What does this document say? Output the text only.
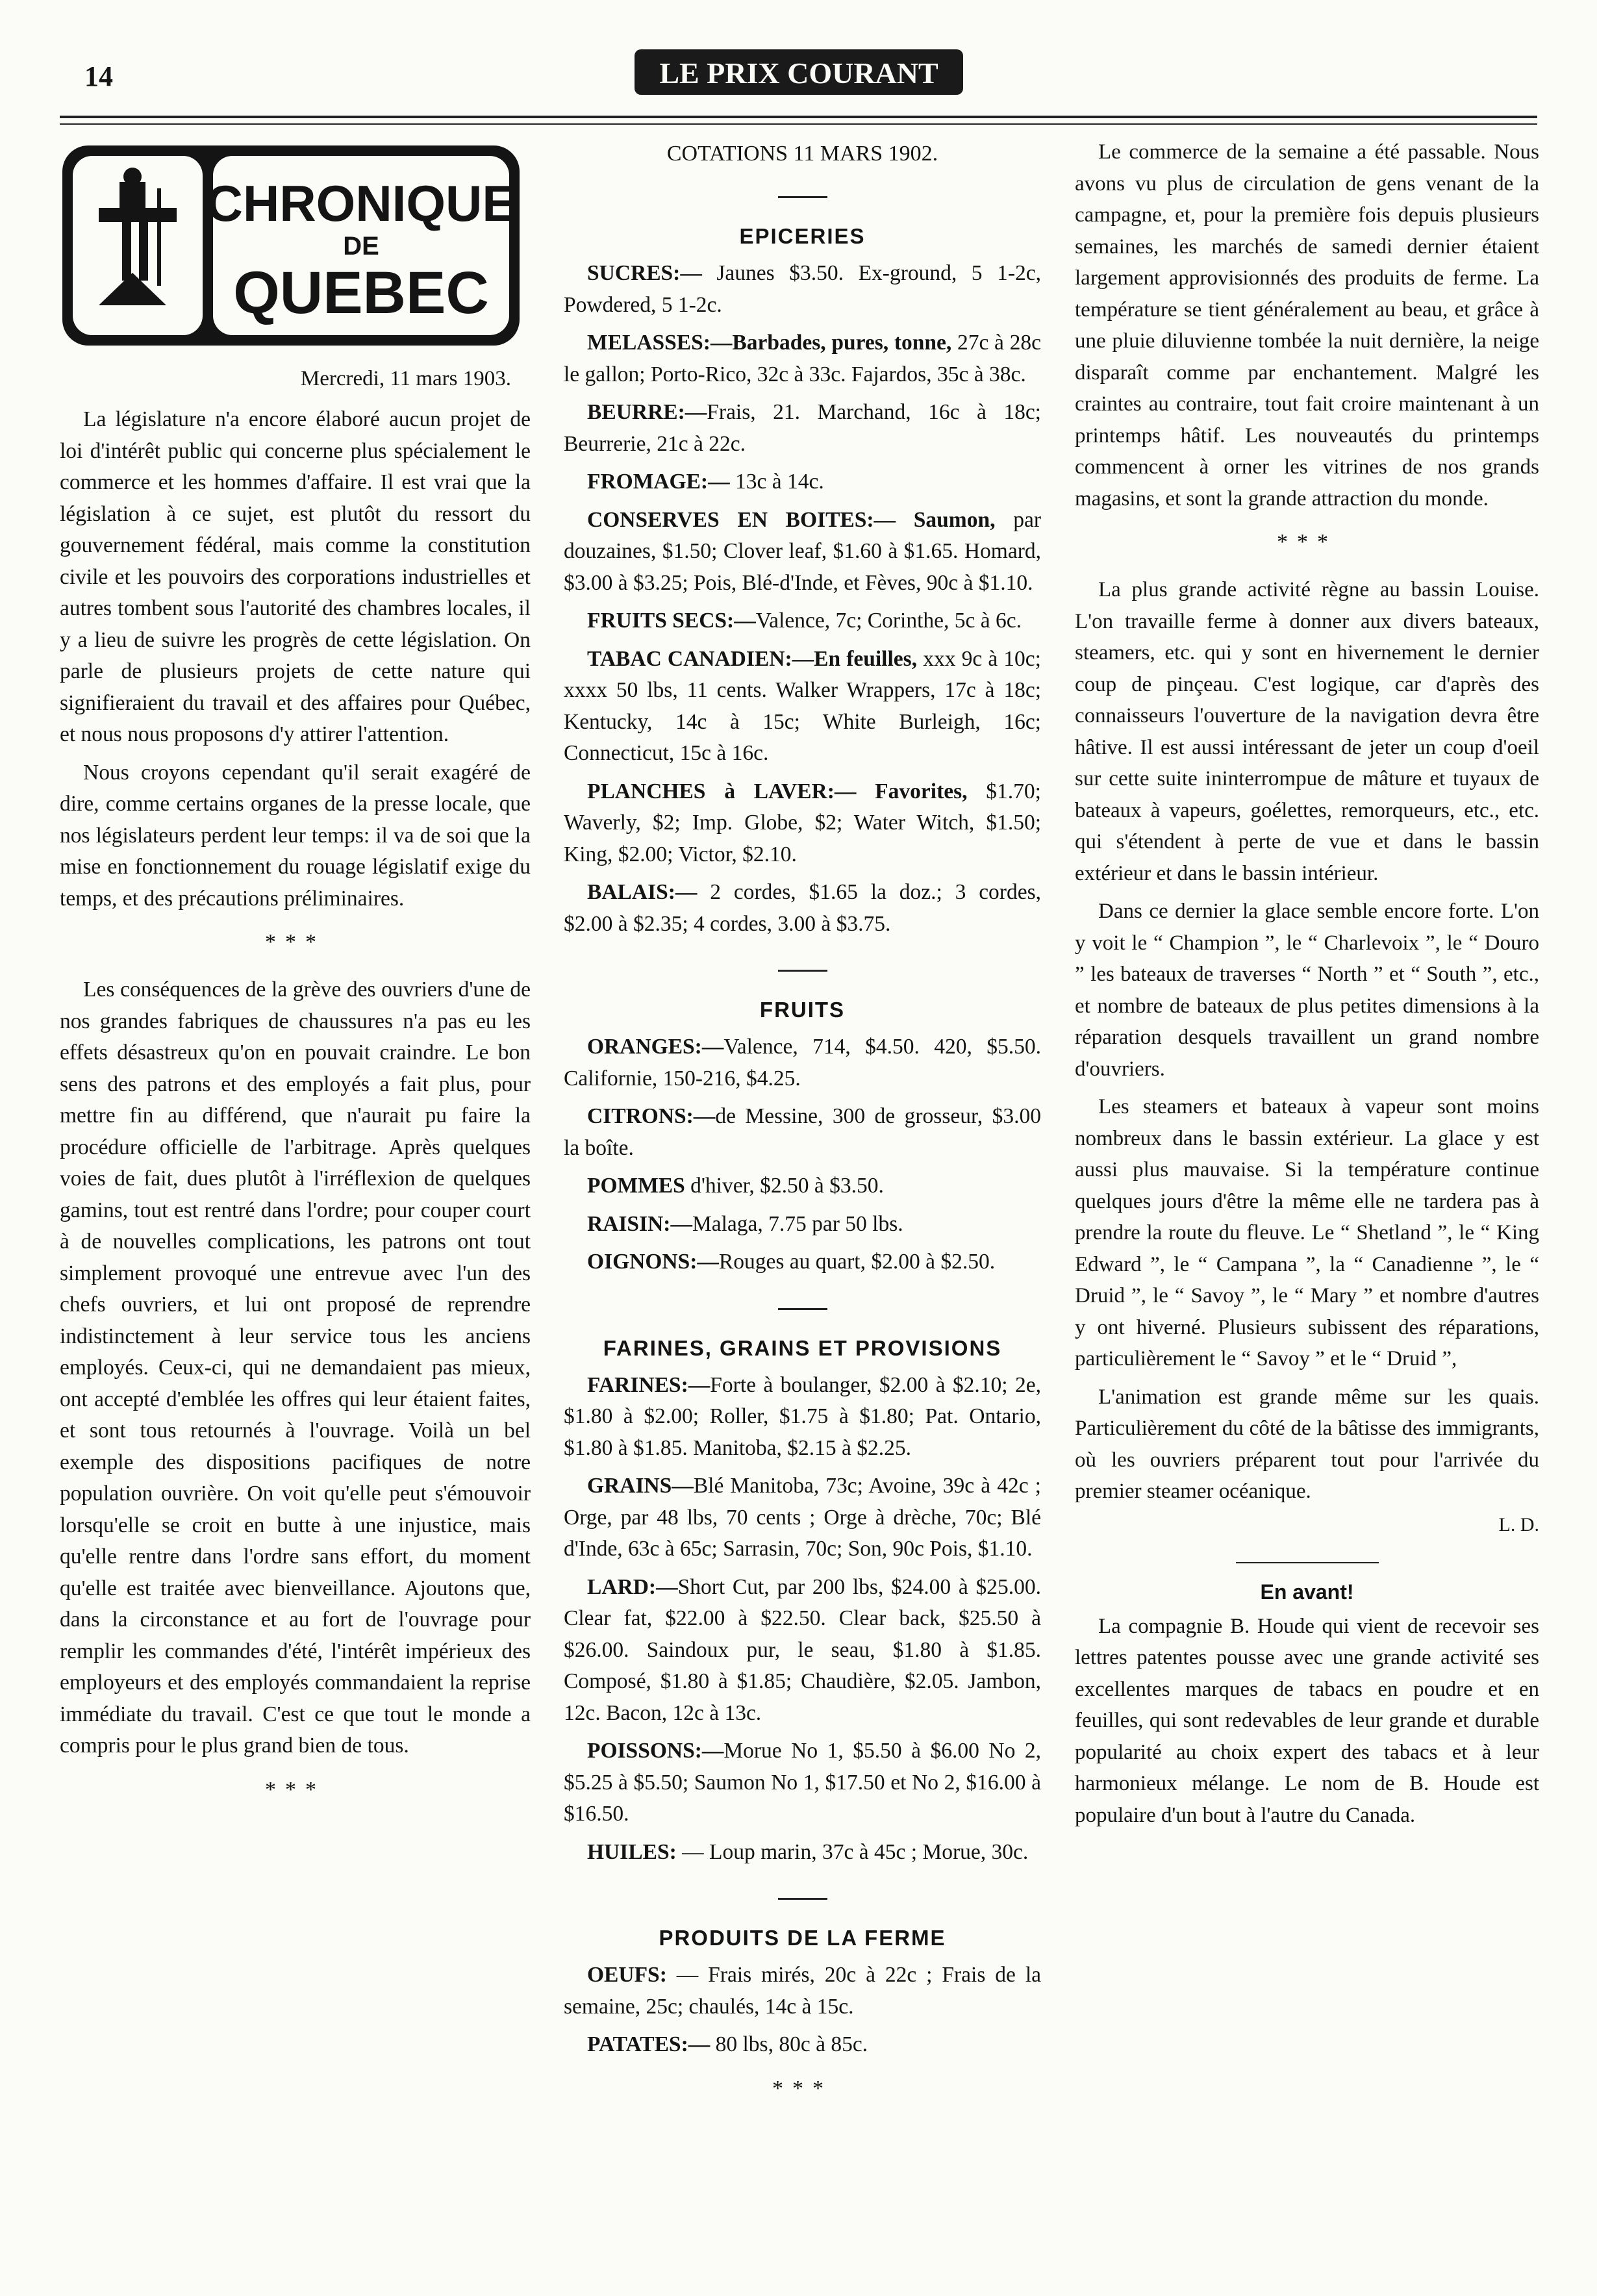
14	LE PRIX COURANT
CHRONIQUE
DE
QUEBEC
Mercredi, 11 mars 1903.

La législature n'a encore élaboré aucun projet de loi d'intérêt public qui concerne plus spécialement le commerce et les hommes d'affaire. Il est vrai que la législation à ce sujet, est plutôt du ressort du gouvernement fédéral, mais comme la constitution civile et les pouvoirs des corporations industrielles et autres tombent sous l'autorité des chambres locales, il y a lieu de suivre les progrès de cette législation. On parle de plusieurs projets de cette nature qui signifieraient du travail et des affaires pour Québec, et nous nous proposons d'y attirer l'attention.

Nous croyons cependant qu'il serait exagéré de dire, comme certains organes de la presse locale, que nos législateurs perdent leur temps: il va de soi que la mise en fonctionnement du rouage législatif exige du temps, et des précautions préliminaires.

***

Les conséquences de la grève des ouvriers d'une de nos grandes fabriques de chaussures n'a pas eu les effets désastreux qu'on en pouvait craindre. Le bon sens des patrons et des employés a fait plus, pour mettre fin au différend, que n'aurait pu faire la procédure officielle de l'arbitrage. Après quelques voies de fait, dues plutôt à l'irréflexion de quelques gamins, tout est rentré dans l'ordre; pour couper court à de nouvelles complications, les patrons ont tout simplement provoqué une entrevue avec l'un des chefs ouvriers, et lui ont proposé de reprendre indistinctement à leur service tous les anciens employés. Ceux-ci, qui ne demandaient pas mieux, ont accepté d'emblée les offres qui leur étaient faites, et sont tous retournés à l'ouvrage. Voilà un bel exemple des dispositions pacifiques de notre population ouvrière. On voit qu'elle peut s'émouvoir lorsqu'elle se croit en butte à une injustice, mais qu'elle rentre dans l'ordre sans effort, du moment qu'elle est traitée avec bienveillance. Ajoutons que, dans la circonstance et au fort de l'ouvrage pour remplir les commandes d'été, l'intérêt impérieux des employeurs et des employés commandaient la reprise immédiate du travail. C'est ce que tout le monde a compris pour le plus grand bien de tous.

***
COTATIONS 11 MARS 1902.
EPICERIES

SUCRES:— Jaunes $3.50. Ex-ground, 5 1-2c, Powdered, 5 1-2c.

MELASSES:—Barbades, pures, tonne, 27c à 28c le gallon; Porto-Rico, 32c à 33c. Fajardos, 35c à 38c.

BEURRE:—Frais, 21. Marchand, 16c à 18c; Beurrerie, 21c à 22c.

FROMAGE:— 13c à 14c.

CONSERVES EN BOITES:— Saumon, par douzaines, $1.50; Clover leaf, $1.60 à $1.65. Homard, $3.00 à $3.25; Pois, Blé-d'Inde, et Fèves, 90c à $1.10.

FRUITS SECS:—Valence, 7c; Corinthe, 5c à 6c.

TABAC CANADIEN:—En feuilles, xxx 9c à 10c; xxxx 50 lbs, 11 cents. Walker Wrappers, 17c à 18c; Kentucky, 14c à 15c; White Burleigh, 16c; Connecticut, 15c à 16c.

PLANCHES à LAVER:— Favorites, $1.70; Waverly, $2; Imp. Globe, $2; Water Witch, $1.50; King, $2.00; Victor, $2.10.

BALAIS:— 2 cordes, $1.65 la doz.; 3 cordes, $2.00 à $2.35; 4 cordes, 3.00 à $3.75.

FRUITS

ORANGES:—Valence, 714, $4.50. 420, $5.50. Californie, 150-216, $4.25.

CITRONS:—de Messine, 300 de grosseur, $3.00 la boîte.

POMMES d'hiver, $2.50 à $3.50.

RAISIN:—Malaga, 7.75 par 50 lbs.

OIGNONS:—Rouges au quart, $2.00 à $2.50.

FARINES, GRAINS ET PROVISIONS

FARINES:—Forte à boulanger, $2.00 à $2.10; 2e, $1.80 à $2.00; Roller, $1.75 à $1.80; Pat. Ontario, $1.80 à $1.85. Manitoba, $2.15 à $2.25.

GRAINS—Blé Manitoba, 73c; Avoine, 39c à 42c ; Orge, par 48 lbs, 70 cents ; Orge à drèche, 70c; Blé d'Inde, 63c à 65c; Sarrasin, 70c; Son, 90c Pois, $1.10.

LARD:—Short Cut, par 200 lbs, $24.00 à $25.00. Clear fat, $22.00 à $22.50. Clear back, $25.50 à $26.00. Saindoux pur, le seau, $1.80 à $1.85. Composé, $1.80 à $1.85; Chaudière, $2.05. Jambon, 12c. Bacon, 12c à 13c.

POISSONS:—Morue No 1, $5.50 à $6.00 No 2, $5.25 à $5.50; Saumon No 1, $17.50 et No 2, $16.00 à $16.50.

HUILES: — Loup marin, 37c à 45c ; Morue, 30c.

PRODUITS DE LA FERME

OEUFS: — Frais mirés, 20c à 22c ; Frais de la semaine, 25c; chaulés, 14c à 15c.

PATATES:— 80 lbs, 80c à 85c.

***

Le commerce de la semaine a été passable. Nous avons vu plus de circulation de gens venant de la campagne, et, pour la première fois depuis plusieurs semaines, les marchés de samedi dernier étaient largement approvisionnés des produits de ferme. La température se tient généralement au beau, et grâce à une pluie diluvienne tombée la nuit dernière, la neige disparaît comme par enchantement. Malgré les craintes au contraire, tout fait croire maintenant à un printemps hâtif. Les nouveautés du printemps commencent à orner les vitrines de nos grands magasins, et sont la grande attraction du monde.

***

La plus grande activité règne au bassin Louise. L'on travaille ferme à donner aux divers bateaux, steamers, etc. qui y sont en hivernement le dernier coup de pinçeau. C'est logique, car d'après des connaisseurs l'ouverture de la navigation devra être hâtive. Il est aussi intéressant de jeter un coup d'oeil sur cette suite ininterrompue de mâture et tuyaux de bateaux à vapeurs, goélettes, remorqueurs, etc., etc. qui s'étendent à perte de vue et dans le bassin extérieur et dans le bassin intérieur.

Dans ce dernier la glace semble encore forte. L'on y voit le “ Champion ”, le “ Charlevoix ”, le “ Douro ” les bateaux de traverses “ North ” et “ South ”, etc., et nombre de bateaux de plus petites dimensions à la réparation desquels travaillent un grand nombre d'ouvriers.

Les steamers et bateaux à vapeur sont moins nombreux dans le bassin extérieur. La glace y est aussi plus mauvaise. Si la température continue quelques jours d'être la même elle ne tardera pas à prendre la route du fleuve. Le “ Shetland ”, le “ King Edward ”, le “ Campana ”, la “ Canadienne ”, le “ Druid ”, le “ Savoy ”, le “ Mary ” et nombre d'autres y ont hiverné. Plusieurs subissent des réparations, particulièrement le “ Savoy ” et le “ Druid ”,

L'animation est grande même sur les quais. Particulièrement du côté de la bâtisse des immigrants, où les ouvriers préparent tout pour l'arrivée du premier steamer océanique.

L. D.
En avant!

La compagnie B. Houde qui vient de recevoir ses lettres patentes pousse avec une grande activité ses excellentes marques de tabacs en poudre et en feuilles, qui sont redevables de leur grande et durable popularité au choix expert des tabacs et à leur harmonieux mélange. Le nom de B. Houde est populaire d'un bout à l'autre du Canada.
